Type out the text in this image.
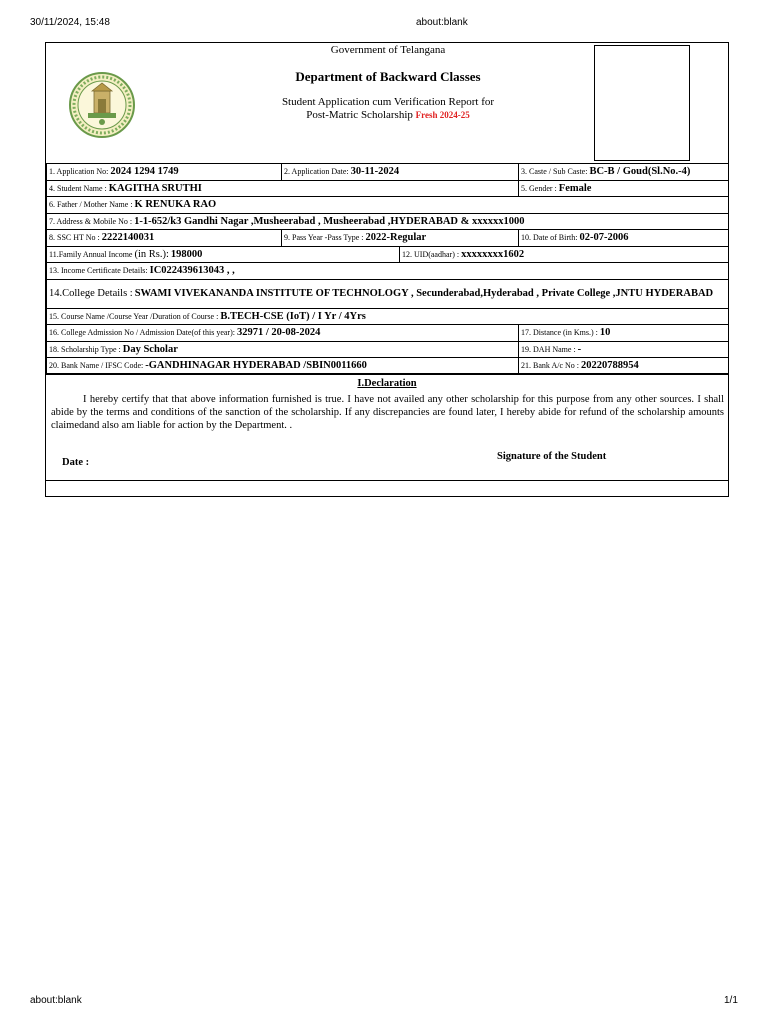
30/11/2024, 15:48	about:blank
Government of Telangana
Department of Backward Classes
Student Application cum Verification Report for
Post-Matric Scholarship Fresh 2024-25
1. Application No: 2024 1294 1749	2. Application Date: 30-11-2024		3. Caste / Sub Caste: BC-B / Goud(Sl.No.-4)
4. Student Name : KAGITHA SRUTHI			5. Gender : Female
6. Father / Mother Name : K RENUKA RAO			
7. Address & Mobile No : 1-1-652/k3 Gandhi Nagar ,Musheerabad , Musheerabad ,HYDERABAD & xxxxxx1000			
8. SSC HT No : 2222140031	9. Pass Year -Pass Type : 2022-Regular		10. Date of Birth: 02-07-2006
11.Family Annual Income (in Rs.): 198000		12. UID(aadhar) : xxxxxxxx1602	
13. Income Certificate Details: IC022439613043 , ,			
14.College Details : SWAMI VIVEKANANDA INSTITUTE OF TECHNOLOGY , Secunderabad,Hyderabad , Private College ,JNTU HYDERABAD			
15. Course Name /Course Year /Duration of Course : B.TECH-CSE (IoT) / I Yr / 4Yrs			
16. College Admission No / Admission Date(of this year): 32971 / 20-08-2024			17. Distance (in Kms.) : 10
18. Scholarship Type : Day Scholar			19. DAH Name : -
20. Bank Name / IFSC Code: -GANDHINAGAR HYDERABAD /SBIN0011660			21. Bank A/c No : 20220788954
I.Declaration
I hereby certify that that above information furnished is true. I have not availed any other scholarship for this purpose from any other sources. I shall abide by the terms and conditions of the sanction of the scholarship. If any discrepancies are found later, I hereby abide for refund of the scholarship amounts claimedand also am liable for action by the Department. .
Date :
Signature of the Student
about:blank	1/1
